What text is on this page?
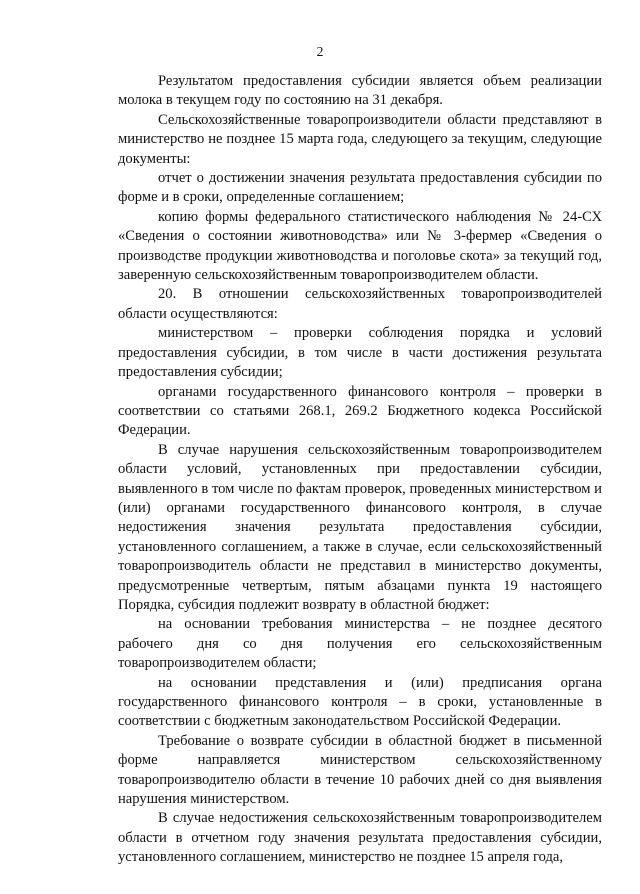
2

Результатом предоставления субсидии является объем реализации молока в текущем году по состоянию на 31 декабря.

Сельскохозяйственные товаропроизводители области представляют в министерство не позднее 15 марта года, следующего за текущим, следующие документы:

отчет о достижении значения результата предоставления субсидии по форме и в сроки, определенные соглашением;

копию формы федерального статистического наблюдения № 24-СХ «Сведения о состоянии животноводства» или № 3-фермер «Сведения о производстве продукции животноводства и поголовье скота» за текущий год, заверенную сельскохозяйственным товаропроизводителем области.

20. В отношении сельскохозяйственных товаропроизводителей области осуществляются:

министерством – проверки соблюдения порядка и условий предоставления субсидии, в том числе в части достижения результата предоставления субсидии;

органами государственного финансового контроля – проверки в соответствии со статьями 268.1, 269.2 Бюджетного кодекса Российской Федерации.

В случае нарушения сельскохозяйственным товаропроизводителем области условий, установленных при предоставлении субсидии, выявленного в том числе по фактам проверок, проведенных министерством и (или) органами государственного финансового контроля, в случае недостижения значения результата предоставления субсидии, установленного соглашением, а также в случае, если сельскохозяйственный товаропроизводитель области не представил в министерство документы, предусмотренные четвертым, пятым абзацами пункта 19 настоящего Порядка, субсидия подлежит возврату в областной бюджет:

на основании требования министерства – не позднее десятого рабочего дня со дня получения его сельскохозяйственным товаропроизводителем области;

на основании представления и (или) предписания органа государственного финансового контроля – в сроки, установленные в соответствии с бюджетным законодательством Российской Федерации.

Требование о возврате субсидии в областной бюджет в письменной форме направляется министерством сельскохозяйственному товаропроизводителю области в течение 10 рабочих дней со дня выявления нарушения министерством.

В случае недостижения сельскохозяйственным товаропроизводителем области в отчетном году значения результата предоставления субсидии, установленного соглашением, министерство не позднее 15 апреля года,
